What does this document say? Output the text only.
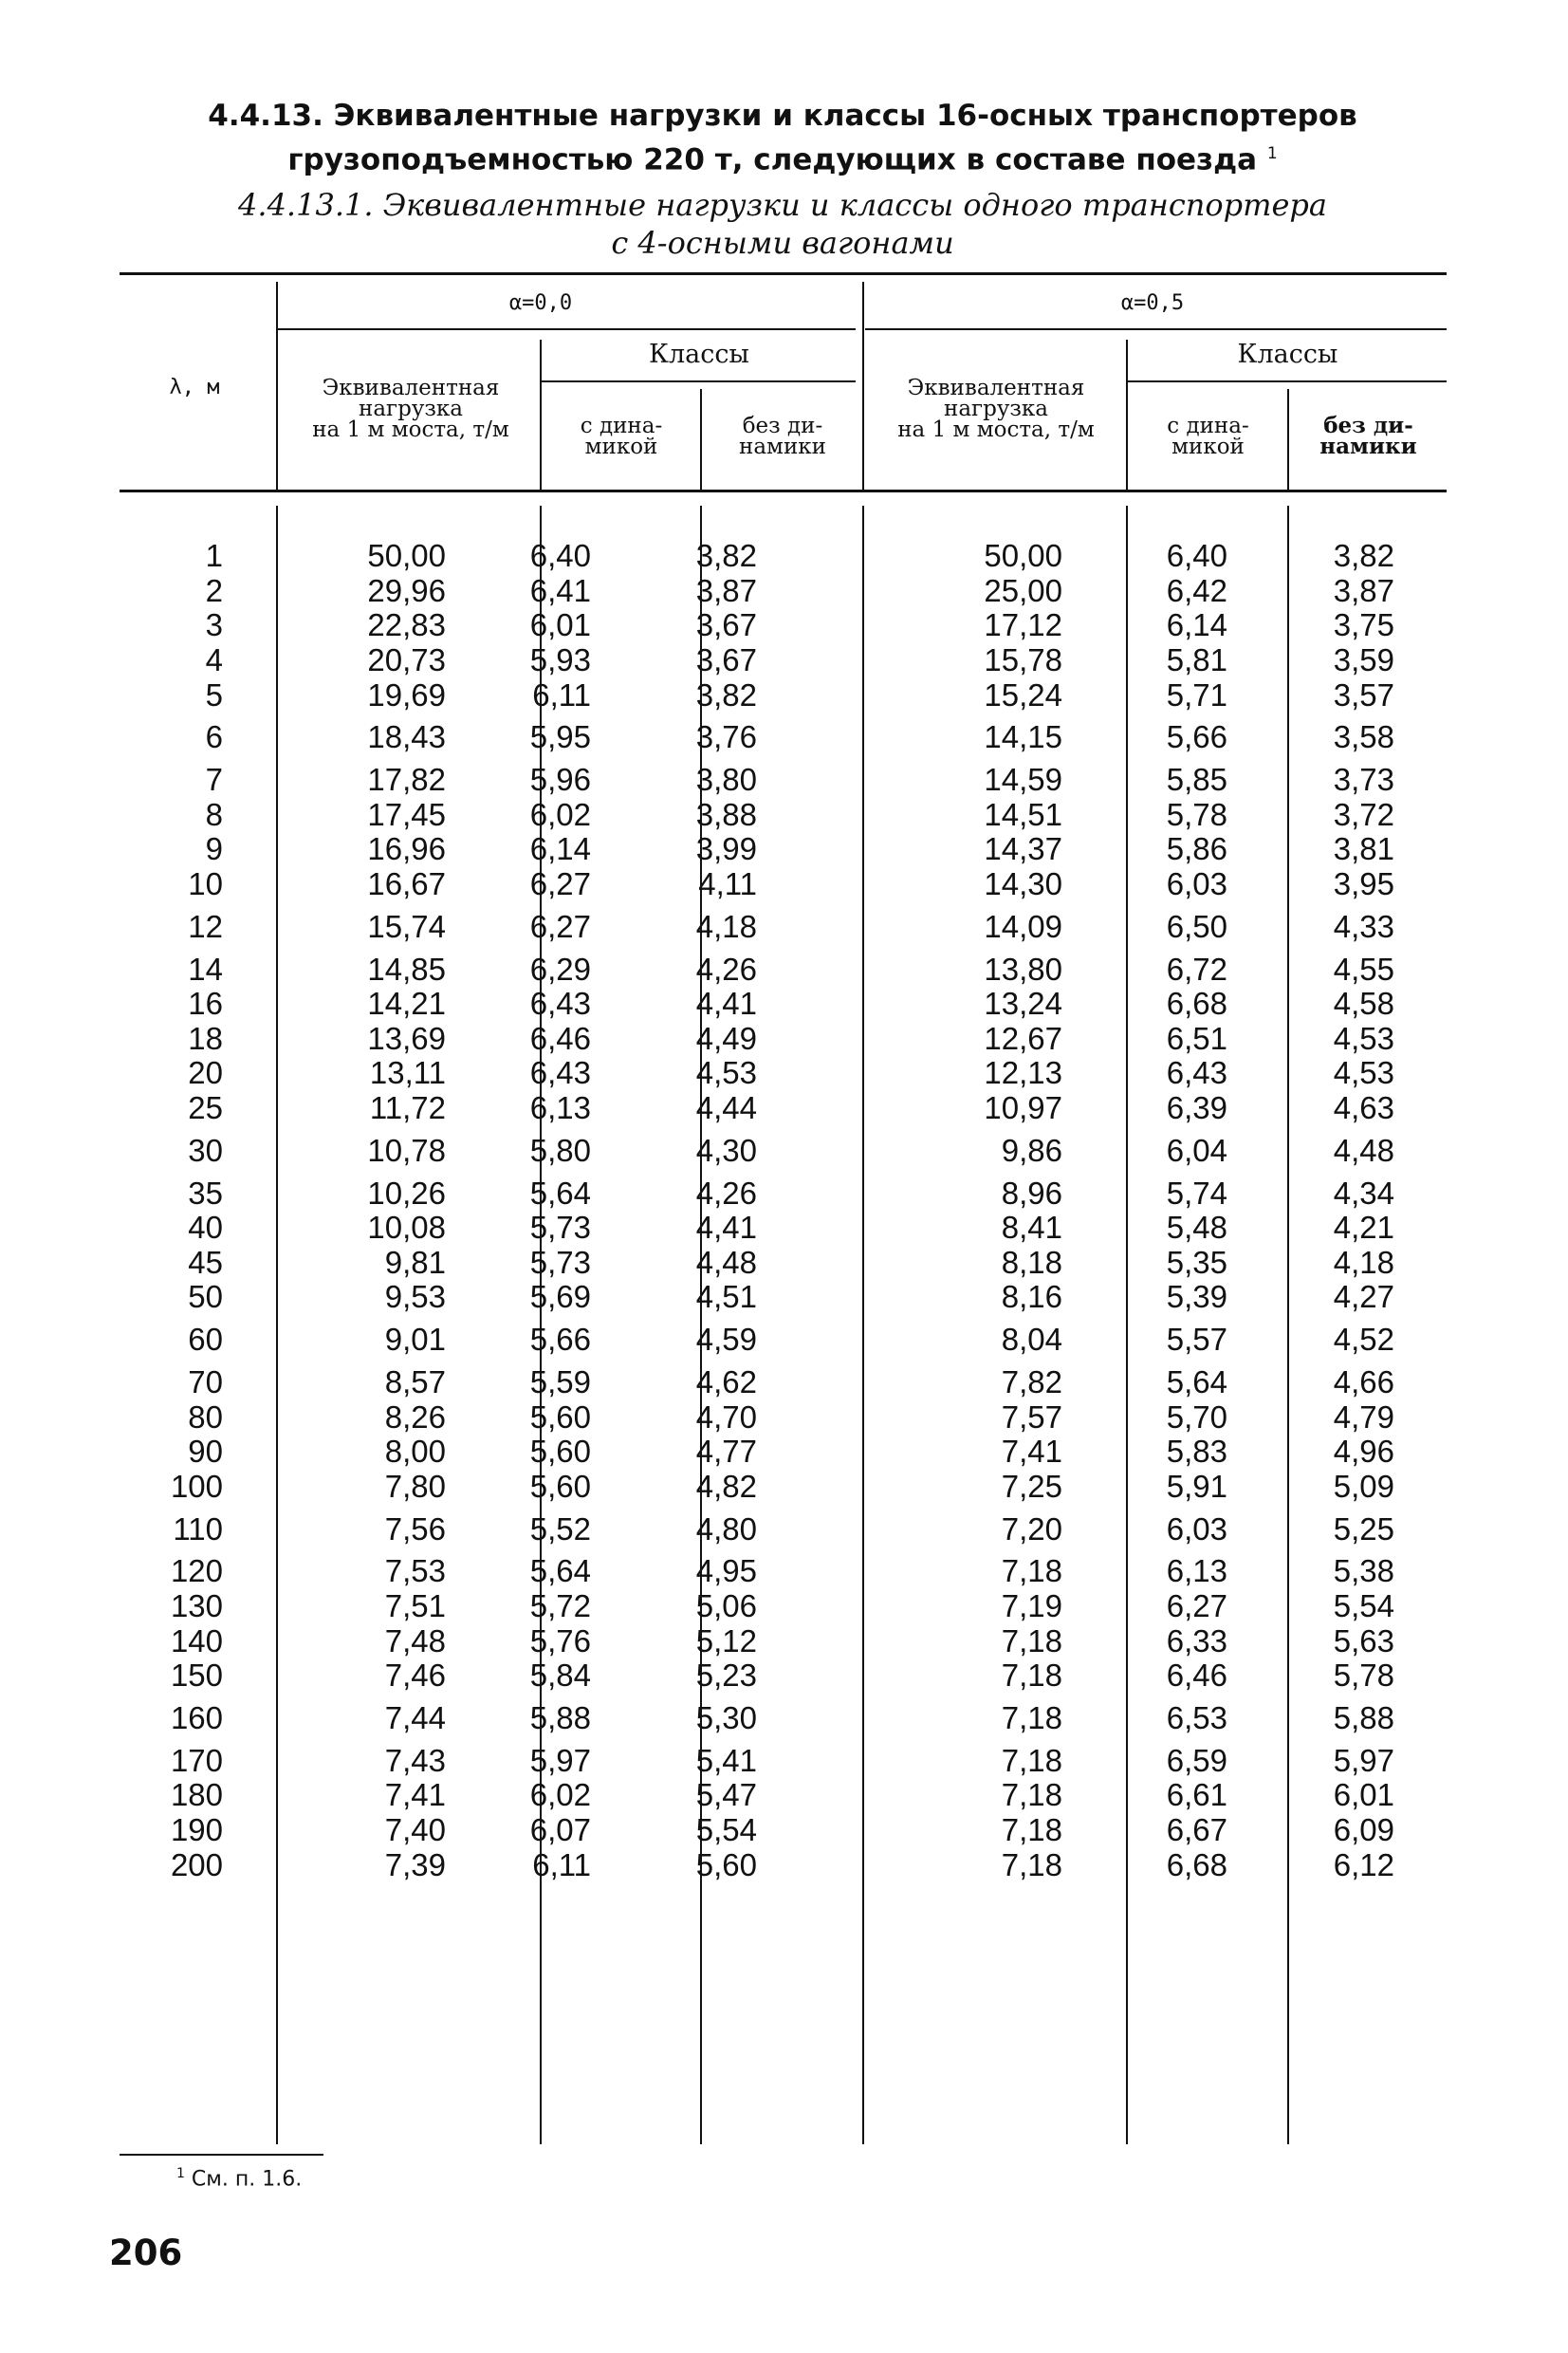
4.4.13. Эквивалентные нагрузки и классы 16-осных транспортеров
грузоподъемностью 220 т, следующих в составе поезда $^1$
4.4.13.1. Эквивалентные нагрузки и классы одного транспортера
с 4-осными вагонами
λ, м
α=0,0	α=0,5
Эквивалентная
нагрузка
на 1 м моста, т/м
Эквивалентная
нагрузка
на 1 м моста, т/м
Классы	Классы
с дина-
микой
без ди-
намики
с дина-
микой
без ди-
намики
1	50,00	6,40	3,82	50,00	6,40	3,82
2	29,96	6,41	3,87	25,00	6,42	3,87
3	22,83	6,01	3,67	17,12	6,14	3,75
4	20,73	5,93	3,67	15,78	5,81	3,59
5	19,69	6,11	3,82	15,24	5,71	3,57
6	18,43	5,95	3,76	14,15	5,66	3,58
7	17,82	5,96	3,80	14,59	5,85	3,73
8	17,45	6,02	3,88	14,51	5,78	3,72
9	16,96	6,14	3,99	14,37	5,86	3,81
10	16,67	6,27	4,11	14,30	6,03	3,95
12	15,74	6,27	4,18	14,09	6,50	4,33
14	14,85	6,29	4,26	13,80	6,72	4,55
16	14,21	6,43	4,41	13,24	6,68	4,58
18	13,69	6,46	4,49	12,67	6,51	4,53
20	13,11	6,43	4,53	12,13	6,43	4,53
25	11,72	6,13	4,44	10,97	6,39	4,63
30	10,78	5,80	4,30	9,86	6,04	4,48
35	10,26	5,64	4,26	8,96	5,74	4,34
40	10,08	5,73	4,41	8,41	5,48	4,21
45	9,81	5,73	4,48	8,18	5,35	4,18
50	9,53	5,69	4,51	8,16	5,39	4,27
60	9,01	5,66	4,59	8,04	5,57	4,52
70	8,57	5,59	4,62	7,82	5,64	4,66
80	8,26	5,60	4,70	7,57	5,70	4,79
90	8,00	5,60	4,77	7,41	5,83	4,96
100	7,80	5,60	4,82	7,25	5,91	5,09
110	7,56	5,52	4,80	7,20	6,03	5,25
120	7,53	5,64	4,95	7,18	6,13	5,38
130	7,51	5,72	5,06	7,19	6,27	5,54
140	7,48	5,76	5,12	7,18	6,33	5,63
150	7,46	5,84	5,23	7,18	6,46	5,78
160	7,44	5,88	5,30	7,18	6,53	5,88
170	7,43	5,97	5,41	7,18	6,59	5,97
180	7,41	6,02	5,47	7,18	6,61	6,01
190	7,40	6,07	5,54	7,18	6,67	6,09
200	7,39	6,11	5,60	7,18	6,68	6,12
$^1$ См. п. 1.6.
206
